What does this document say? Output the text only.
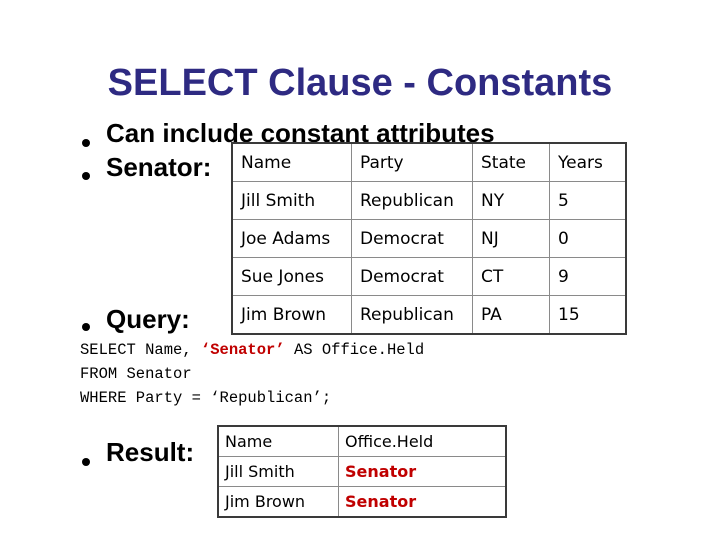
SELECT Clause - Constants
Can include constant attributes
Senator:
Query:
Result:
Name	Party	State	Years
Jill Smith	Republican	NY	5
Joe Adams	Democrat	NJ	0
Sue Jones	Democrat	CT	9
Jim Brown	Republican	PA	15
SELECT Name, ‘Senator’ AS Office.Held
FROM Senator
WHERE Party = ‘Republican’;
Name	Office.Held
Jill Smith	Senator
Jim Brown	Senator
